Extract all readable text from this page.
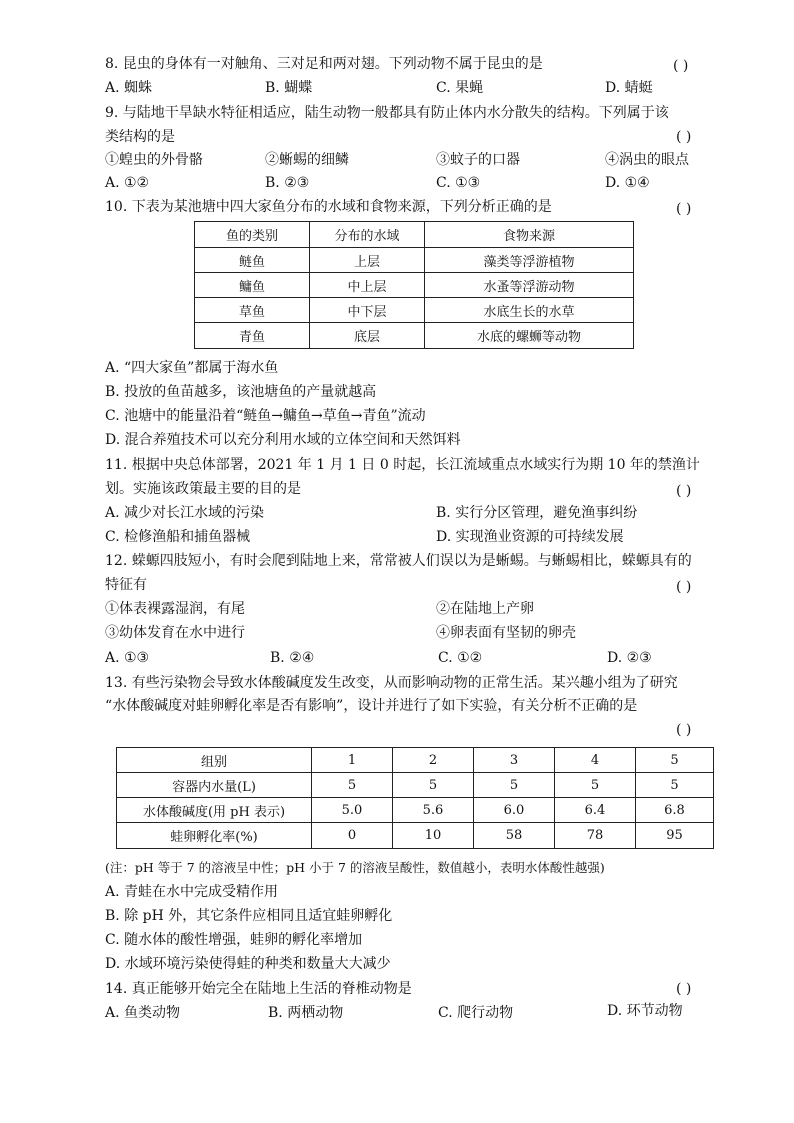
8. 昆虫的身体有一对触角、三对足和两对翅。下列动物不属于昆虫的是	( )
A. 蜘蛛	B. 蝴蝶	C. 果蝇	D. 蜻蜓
9. 与陆地干旱缺水特征相适应，陆生动物一般都具有防止体内水分散失的结构。下列属于该
类结构的是	( )
①蝗虫的外骨骼	②蜥蜴的细鳞	③蚊子的口器	④涡虫的眼点
A. ①②	B. ②③	C. ①③	D. ①④
10. 下表为某池塘中四大家鱼分布的水域和食物来源，下列分析正确的是	( )
鱼的类别	分布的水域	食物来源
鲢鱼	上层	藻类等浮游植物
鳙鱼	中上层	水蚤等浮游动物
草鱼	中下层	水底生长的水草
青鱼	底层	水底的螺蛳等动物
A. “四大家鱼”都属于海水鱼
B. 投放的鱼苗越多，该池塘鱼的产量就越高
C. 池塘中的能量沿着“鲢鱼→鳙鱼→草鱼→青鱼”流动
D. 混合养殖技术可以充分利用水域的立体空间和天然饵料
11. 根据中央总体部署，2021 年 1 月 1 日 0 时起，长江流域重点水域实行为期 10 年的禁渔计
划。实施该政策最主要的目的是	( )
A. 减少对长江水域的污染	B. 实行分区管理，避免渔事纠纷
C. 检修渔船和捕鱼器械	D. 实现渔业资源的可持续发展
12. 蝾螈四肢短小，有时会爬到陆地上来，常常被人们误以为是蜥蜴。与蜥蜴相比，蝾螈具有的
特征有	( )
①体表裸露湿润，有尾	②在陆地上产卵
③幼体发育在水中进行	④卵表面有坚韧的卵壳
A. ①③	B. ②④	C. ①②	D. ②③
13. 有些污染物会导致水体酸碱度发生改变，从而影响动物的正常生活。某兴趣小组为了研究
“水体酸碱度对蛙卵孵化率是否有影响”，设计并进行了如下实验，有关分析不正确的是
( )
组别	1	2	3	4	5
容器内水量(L)	5	5	5	5	5
水体酸碱度(用 pH 表示)	5.0	5.6	6.0	6.4	6.8
蛙卵孵化率(%)	0	10	58	78	95
(注：pH 等于 7 的溶液呈中性；pH 小于 7 的溶液呈酸性，数值越小，表明水体酸性越强)
A. 青蛙在水中完成受精作用
B. 除 pH 外，其它条件应相同且适宜蛙卵孵化
C. 随水体的酸性增强，蛙卵的孵化率增加
D. 水域环境污染使得蛙的种类和数量大大减少
14. 真正能够开始完全在陆地上生活的脊椎动物是	( )
A. 鱼类动物	B. 两栖动物	C. 爬行动物	D. 环节动物
